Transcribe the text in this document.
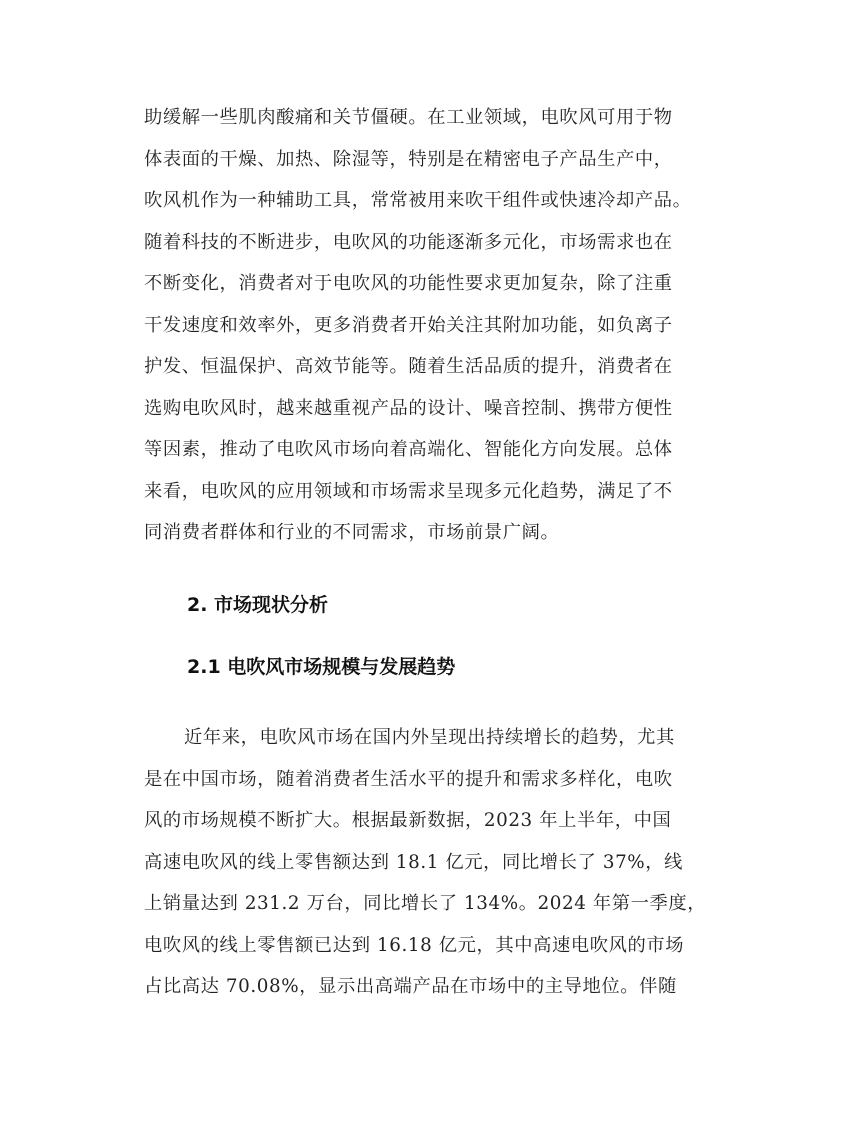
助缓解一些肌肉酸痛和关节僵硬。在工业领域，电吹风可用于物

体表面的干燥、加热、除湿等，特别是在精密电子产品生产中，

吹风机作为一种辅助工具，常常被用来吹干组件或快速冷却产品。

随着科技的不断进步，电吹风的功能逐渐多元化，市场需求也在

不断变化，消费者对于电吹风的功能性要求更加复杂，除了注重

干发速度和效率外，更多消费者开始关注其附加功能，如负离子

护发、恒温保护、高效节能等。随着生活品质的提升，消费者在

选购电吹风时，越来越重视产品的设计、噪音控制、携带方便性

等因素，推动了电吹风市场向着高端化、智能化方向发展。总体

来看，电吹风的应用领域和市场需求呈现多元化趋势，满足了不

同消费者群体和行业的不同需求，市场前景广阔。

2. 市场现状分析
2.1 电吹风市场规模与发展趋势

近年来，电吹风市场在国内外呈现出持续增长的趋势，尤其

是在中国市场，随着消费者生活水平的提升和需求多样化，电吹

风的市场规模不断扩大。根据最新数据，2023 年上半年，中国

高速电吹风的线上零售额达到 18.1 亿元，同比增长了 37%，线

上销量达到 231.2 万台，同比增长了 134%。2024 年第一季度，

电吹风的线上零售额已达到 16.18 亿元，其中高速电吹风的市场

占比高达 70.08%，显示出高端产品在市场中的主导地位。伴随
